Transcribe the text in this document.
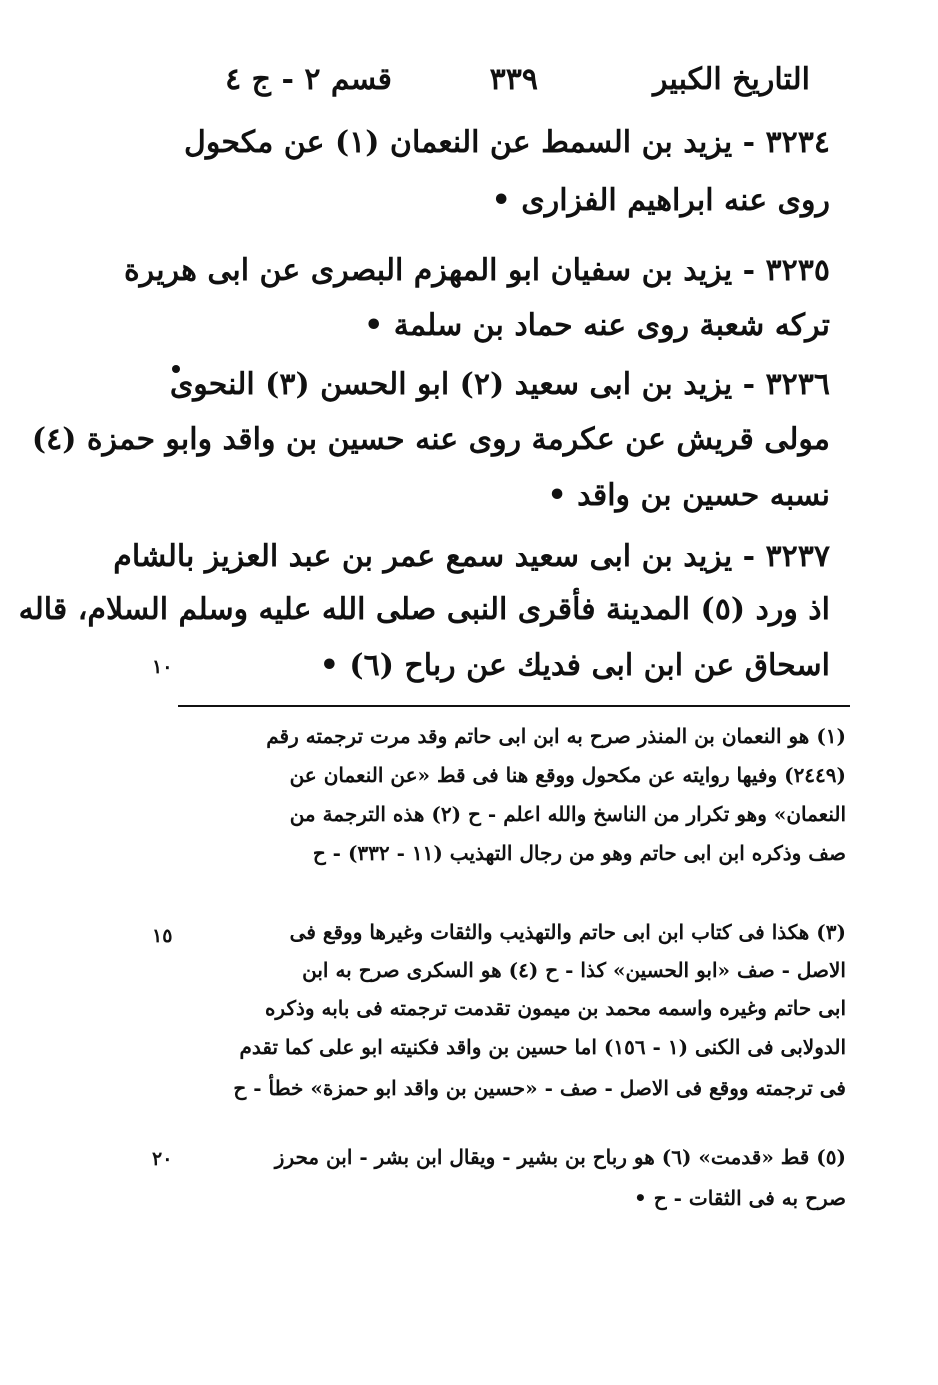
التاريخ الكبير
٣٣٩
قسم ٢ - ج ٤
٣٢٣٤ - يزيد بن السمط عن النعمان (١) عن مكحول
روى عنه ابراهيم الفزارى •
٣٢٣٥ - يزيد بن سفيان ابو المهزم البصرى عن ابى هريرة
تركه شعبة روى عنه حماد بن سلمة •
٣٢٣٦ - يزيد بن ابى سعيد (٢) ابو الحسن (٣) النحوى
مولى قريش عن عكرمة روى عنه حسين بن واقد وابو حمزة (٤)
نسبه حسين بن واقد •
٣٢٣٧ - يزيد بن ابى سعيد سمع عمر بن عبد العزيز بالشام
اذ ورد (٥) المدينة فأقرى النبى صلى الله عليه وسلم السلام، قاله
اسحاق عن ابن ابى فديك عن رباح (٦) •
١٠
(١) هو النعمان بن المنذر صرح به ابن ابى حاتم وقد مرت ترجمته رقم
(٢٤٤٩) وفيها روايته عن مكحول ووقع هنا فى قط «عن النعمان عن
النعمان» وهو تكرار من الناسخ والله اعلم - ح (٢) هذه الترجمة من
صف وذكره ابن ابى حاتم وهو من رجال التهذيب (١١ - ٣٣٢) - ح
(٣) هكذا فى كتاب ابن ابى حاتم والتهذيب والثقات وغيرها ووقع فى
الاصل - صف «ابو الحسين» كذا - ح (٤) هو السكرى صرح به ابن
ابى حاتم وغيره واسمه محمد بن ميمون تقدمت ترجمته فى بابه وذكره
الدولابى فى الكنى (١ - ١٥٦) اما حسين بن واقد فكنيته ابو على كما تقدم
فى ترجمته ووقع فى الاصل - صف - «حسين بن واقد ابو حمزة» خطأ - ح
(٥) قط «قدمت» (٦) هو رباح بن بشير - ويقال ابن بشر - ابن محرز
صرح به فى الثقات - ح •
١٥
٢٠
